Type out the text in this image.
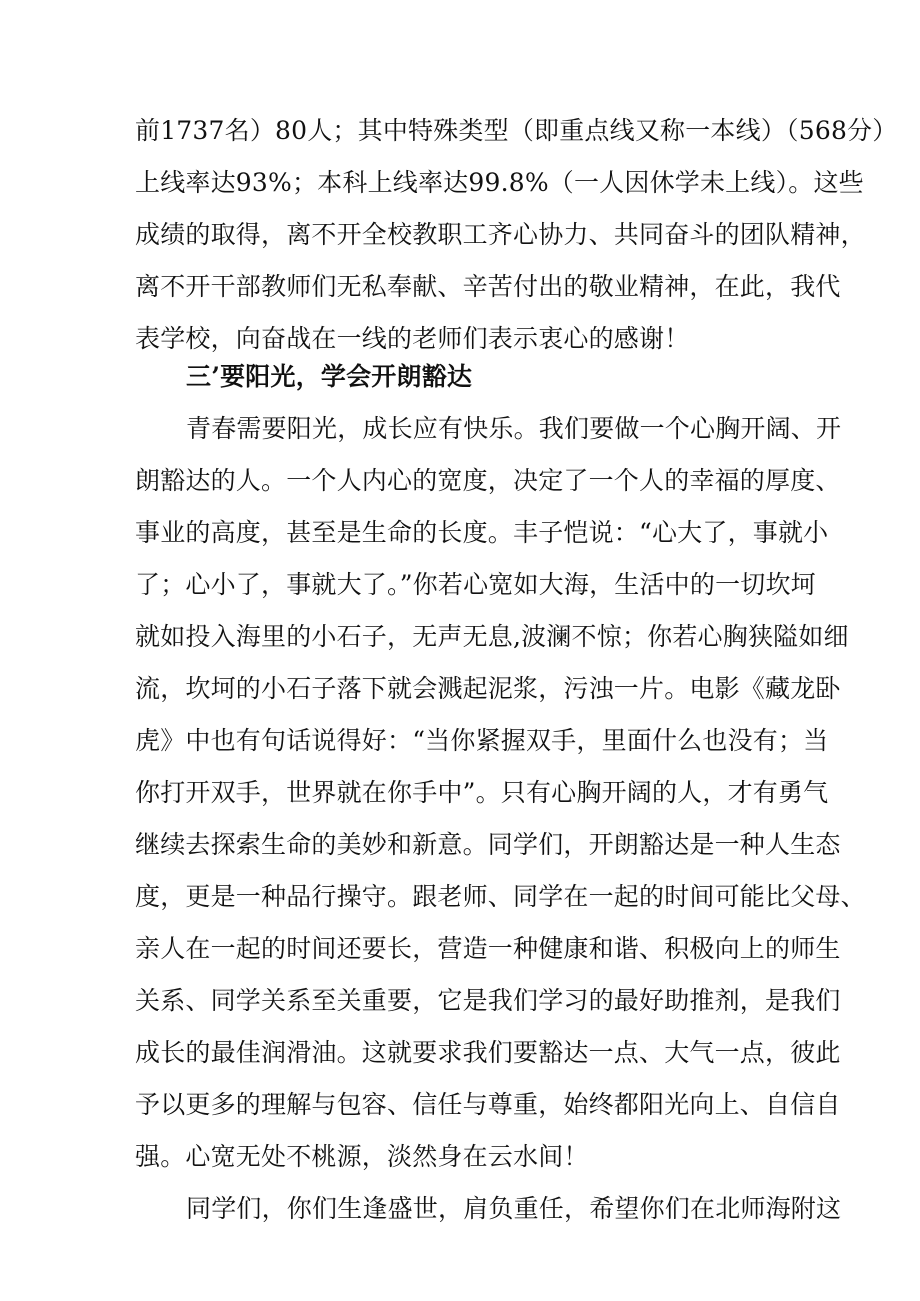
前1737名）80人；其中特殊类型（即重点线又称一本线）（568分）
上线率达93%；本科上线率达99.8%（一人因休学未上线）。这些
成绩的取得，离不开全校教职工齐心协力、共同奋斗的团队精神，
离不开干部教师们无私奉献、辛苦付出的敬业精神，在此，我代
表学校，向奋战在一线的老师们表示衷心的感谢！
三’要阳光，学会开朗豁达
青春需要阳光，成长应有快乐。我们要做一个心胸开阔、开
朗豁达的人。一个人内心的宽度，决定了一个人的幸福的厚度、
事业的高度，甚至是生命的长度。丰子恺说：“心大了，事就小
了；心小了，事就大了。”你若心宽如大海，生活中的一切坎坷
就如投入海里的小石子，无声无息,波澜不惊；你若心胸狭隘如细
流，坎坷的小石子落下就会溅起泥浆，污浊一片。电影《藏龙卧
虎》中也有句话说得好：“当你紧握双手，里面什么也没有；当
你打开双手，世界就在你手中”。只有心胸开阔的人，才有勇气
继续去探索生命的美妙和新意。同学们，开朗豁达是一种人生态
度，更是一种品行操守。跟老师、同学在一起的时间可能比父母、
亲人在一起的时间还要长，营造一种健康和谐、积极向上的师生
关系、同学关系至关重要，它是我们学习的最好助推剂，是我们
成长的最佳润滑油。这就要求我们要豁达一点、大气一点，彼此
予以更多的理解与包容、信任与尊重，始终都阳光向上、自信自
强。心宽无处不桃源，淡然身在云水间！
同学们，你们生逢盛世，肩负重任，希望你们在北师海附这
